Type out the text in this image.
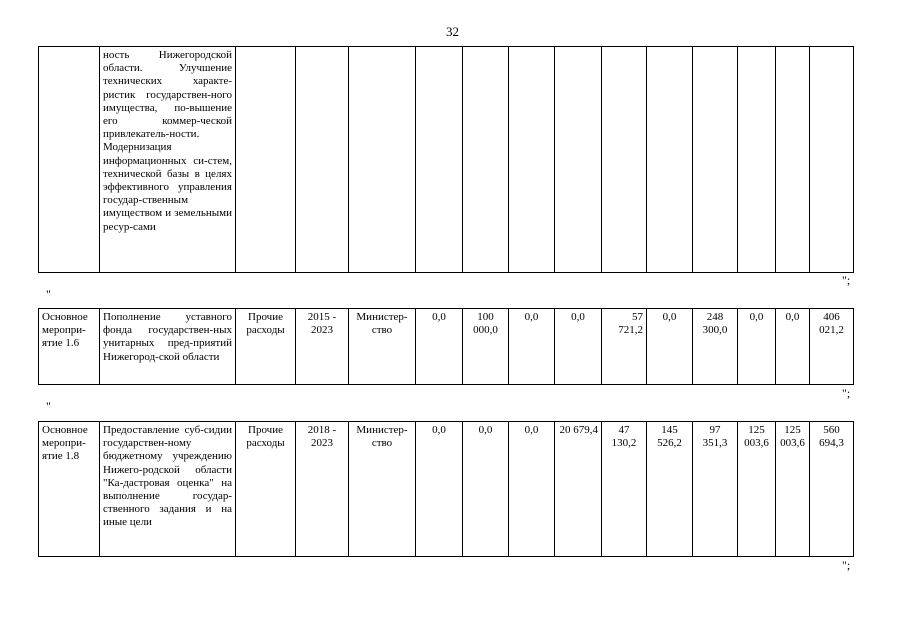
32
	ность Нижегородской области. Улучшение технических характе-ристик государствен-ного имущества, по-вышение его коммер-ческой привлекатель-ности. Модернизация информационных си-стем, технической базы в целях эффективного управления государ-ственным имуществом и земельными ресур-сами													
";
"
Основное меропри-ятие 1.6	Пополнение уставного фонда государствен-ных унитарных пред-приятий Нижегород-ской области	Прочие расходы	2015 - 2023	Министер-ство	0,0	100 000,0	0,0	0,0	57 721,2	0,0	248 300,0	0,0	0,0	406 021,2
";
"
Основное меропри-ятие 1.8	Предоставление суб-сидии государствен-ному бюджетному учреждению Нижего-родской области "Ка-дастровая оценка" на выполнение государ-ственного задания и на иные цели	Прочие расходы	2018 - 2023	Министер-ство	0,0	0,0	0,0	20 679,4	47 130,2	145 526,2	97 351,3	125 003,6	125 003,6	560 694,3
";
